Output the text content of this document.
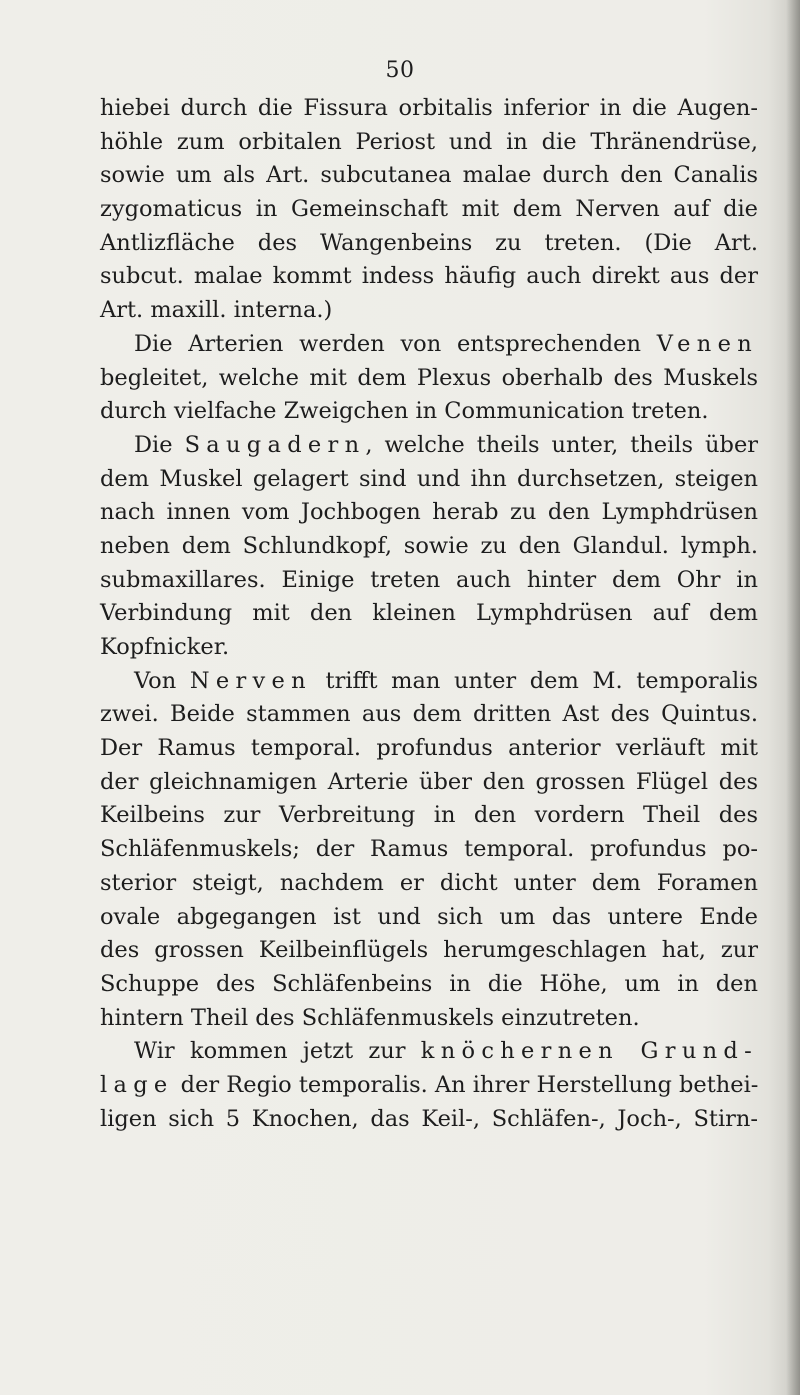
50
hiebei durch die Fissura orbitalis inferior in die Augen-
höhle zum orbitalen Periost und in die Thränendrüse,
sowie um als Art. subcutanea malae durch den Canalis
zygomaticus in Gemeinschaft mit dem Nerven auf die
Antlizfläche des Wangenbeins zu treten. (Die Art.
subcut. malae kommt indess häufig auch direkt aus der
Art. maxill. interna.)
Die Arterien werden von entsprechenden Venen
begleitet, welche mit dem Plexus oberhalb des Muskels
durch vielfache Zweigchen in Communication treten.
Die Saugadern, welche theils unter, theils über
dem Muskel gelagert sind und ihn durchsetzen, steigen
nach innen vom Jochbogen herab zu den Lymphdrüsen
neben dem Schlundkopf, sowie zu den Glandul. lymph.
submaxillares. Einige treten auch hinter dem Ohr in
Verbindung mit den kleinen Lymphdrüsen auf dem
Kopfnicker.
Von Nerven trifft man unter dem M. temporalis
zwei. Beide stammen aus dem dritten Ast des Quintus.
Der Ramus temporal. profundus anterior verläuft mit
der gleichnamigen Arterie über den grossen Flügel des
Keilbeins zur Verbreitung in den vordern Theil des
Schläfenmuskels; der Ramus temporal. profundus po-
sterior steigt, nachdem er dicht unter dem Foramen
ovale abgegangen ist und sich um das untere Ende
des grossen Keilbeinflügels herumgeschlagen hat, zur
Schuppe des Schläfenbeins in die Höhe, um in den
hintern Theil des Schläfenmuskels einzutreten.
Wir kommen jetzt zur knöchernen Grund-
lage der Regio temporalis. An ihrer Herstellung bethei-
ligen sich 5 Knochen, das Keil-, Schläfen-, Joch-, Stirn-
